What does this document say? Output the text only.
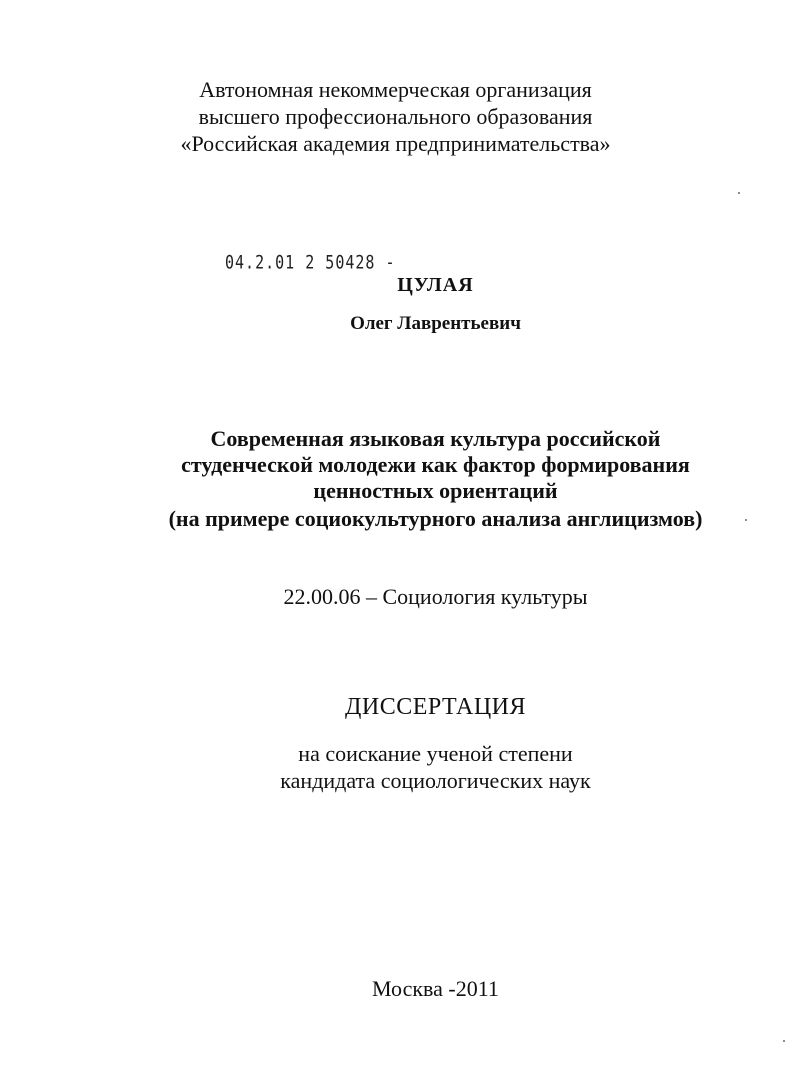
Автономная некоммерческая организация
высшего профессионального образования
«Российская академия предпринимательства»
04.2.01 2 50428 -
ЦУЛАЯ
Олег Лаврентьевич
Современная языковая культура российской
студенческой молодежи как фактор формирования
ценностных ориентаций
(на примере социокультурного анализа англицизмов)
22.00.06 – Социология культуры
ДИССЕРТАЦИЯ
на соискание ученой степени
кандидата социологических наук
Москва -2011
